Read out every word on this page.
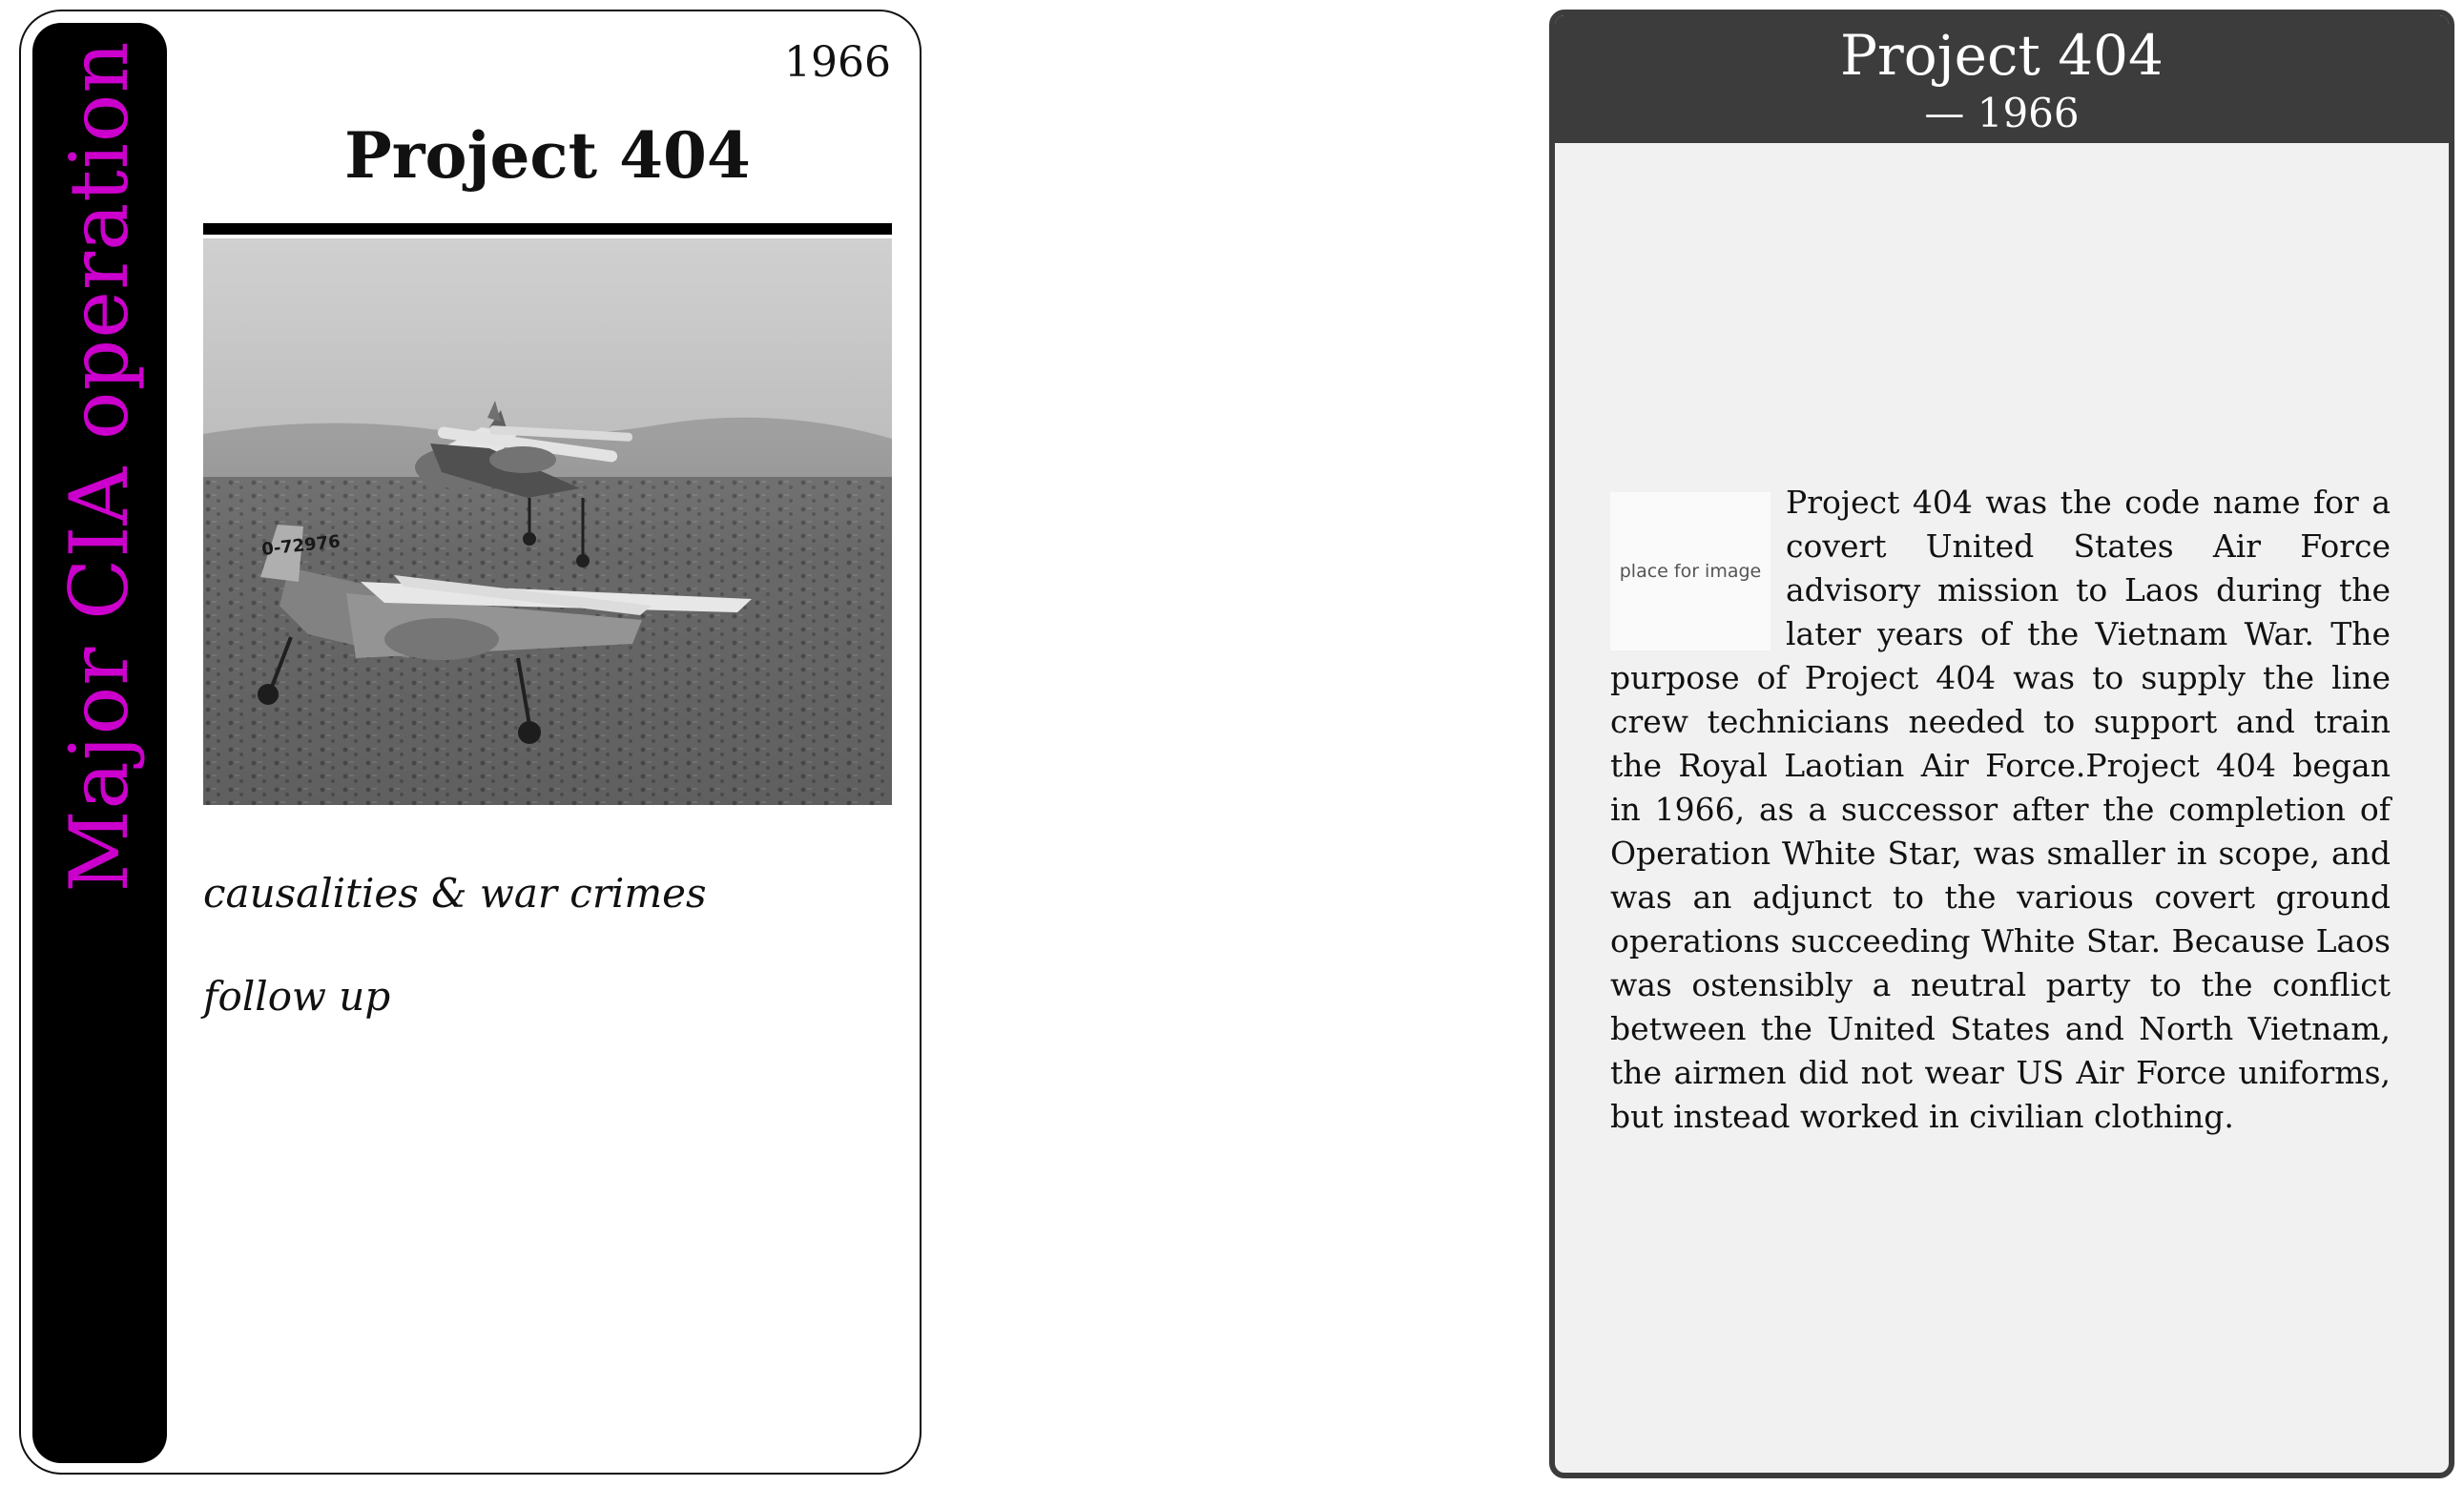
Major CIA operation	1966
Project 404
0-72976
causalities & war crimes
follow up
Project 404
— 1966
place for image
Project 404 was the code name for a covert United States Air Force advisory mission to Laos during the later years of the Vietnam War. The purpose of Project 404 was to supply the line crew technicians needed to support and train the Royal Laotian Air Force.Project 404 began in 1966, as a successor after the completion of Operation White Star, was smaller in scope, and was an adjunct to the various covert ground operations succeeding White Star. Because Laos was ostensibly a neutral party to the conflict between the United States and North Vietnam, the airmen did not wear US Air Force uniforms, but instead worked in civilian clothing.
